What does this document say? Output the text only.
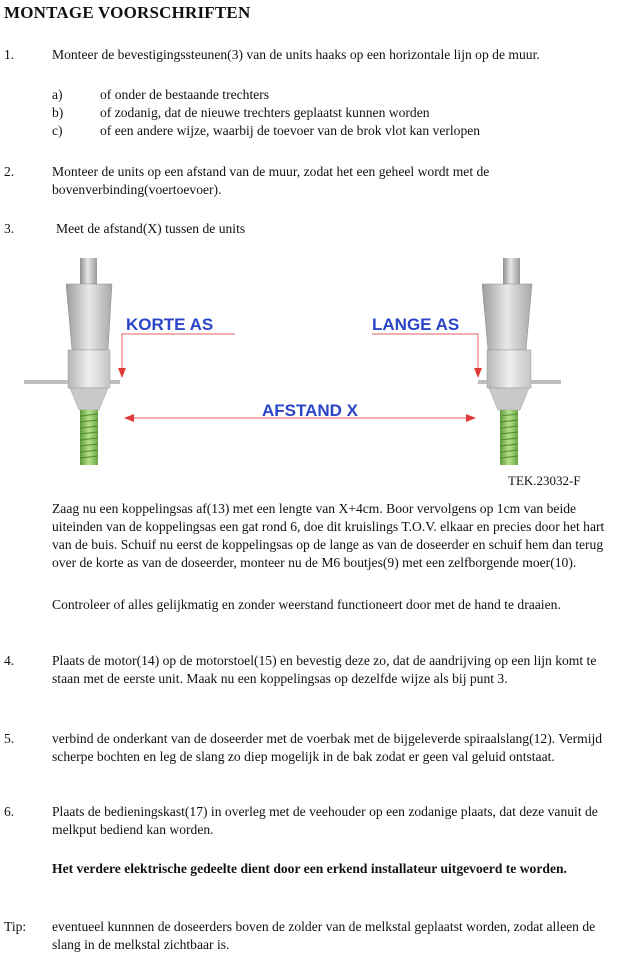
MONTAGE VOORSCHRIFTEN
1.	Monteer de bevestigingssteunen(3) van de units haaks op een horizontale lijn op de muur.
a)	of onder de bestaande trechters
b)	of zodanig, dat de nieuwe trechters geplaatst kunnen worden
c)	of een andere wijze, waarbij de toevoer van de brok vlot kan verlopen
2.	Monteer de units op een afstand van de muur, zodat het een geheel wordt met de bovenverbinding(voertoevoer).
3.	Meet de afstand(X) tussen de units
KORTE AS	LANGE AS
AFSTAND X
TEK.23032-F
Zaag nu een koppelingsas af(13) met een lengte van X+4cm. Boor vervolgens op 1cm van beide uiteinden van de koppelingsas een gat rond 6, doe dit kruislings T.O.V. elkaar en precies door het hart van de buis. Schuif nu eerst de koppelingsas op de lange as van de doseerder en schuif hem dan terug over de korte as van de doseerder, monteer nu de M6 boutjes(9) met een zelfborgende moer(10).
Controleer of alles gelijkmatig en zonder weerstand functioneert door met de hand te draaien.
4.	Plaats de motor(14) op de motorstoel(15) en bevestig deze zo, dat de aandrijving op een lijn komt te staan met de eerste unit. Maak nu een koppelingsas op dezelfde wijze als bij punt 3.
5.	verbind de onderkant van de doseerder met de voerbak met de bijgeleverde spiraalslang(12). Vermijd scherpe bochten en leg de slang zo diep mogelijk in de bak zodat er geen val geluid ontstaat.
6.	Plaats de bedieningskast(17) in overleg met de veehouder op een zodanige plaats, dat deze vanuit de melkput bediend kan worden.
Het verdere elektrische gedeelte dient door een erkend installateur uitgevoerd te worden.
Tip: eventueel kunnnen de doseerders boven de zolder van de melkstal geplaatst worden, zodat alleen de slang in de melkstal zichtbaar is.
